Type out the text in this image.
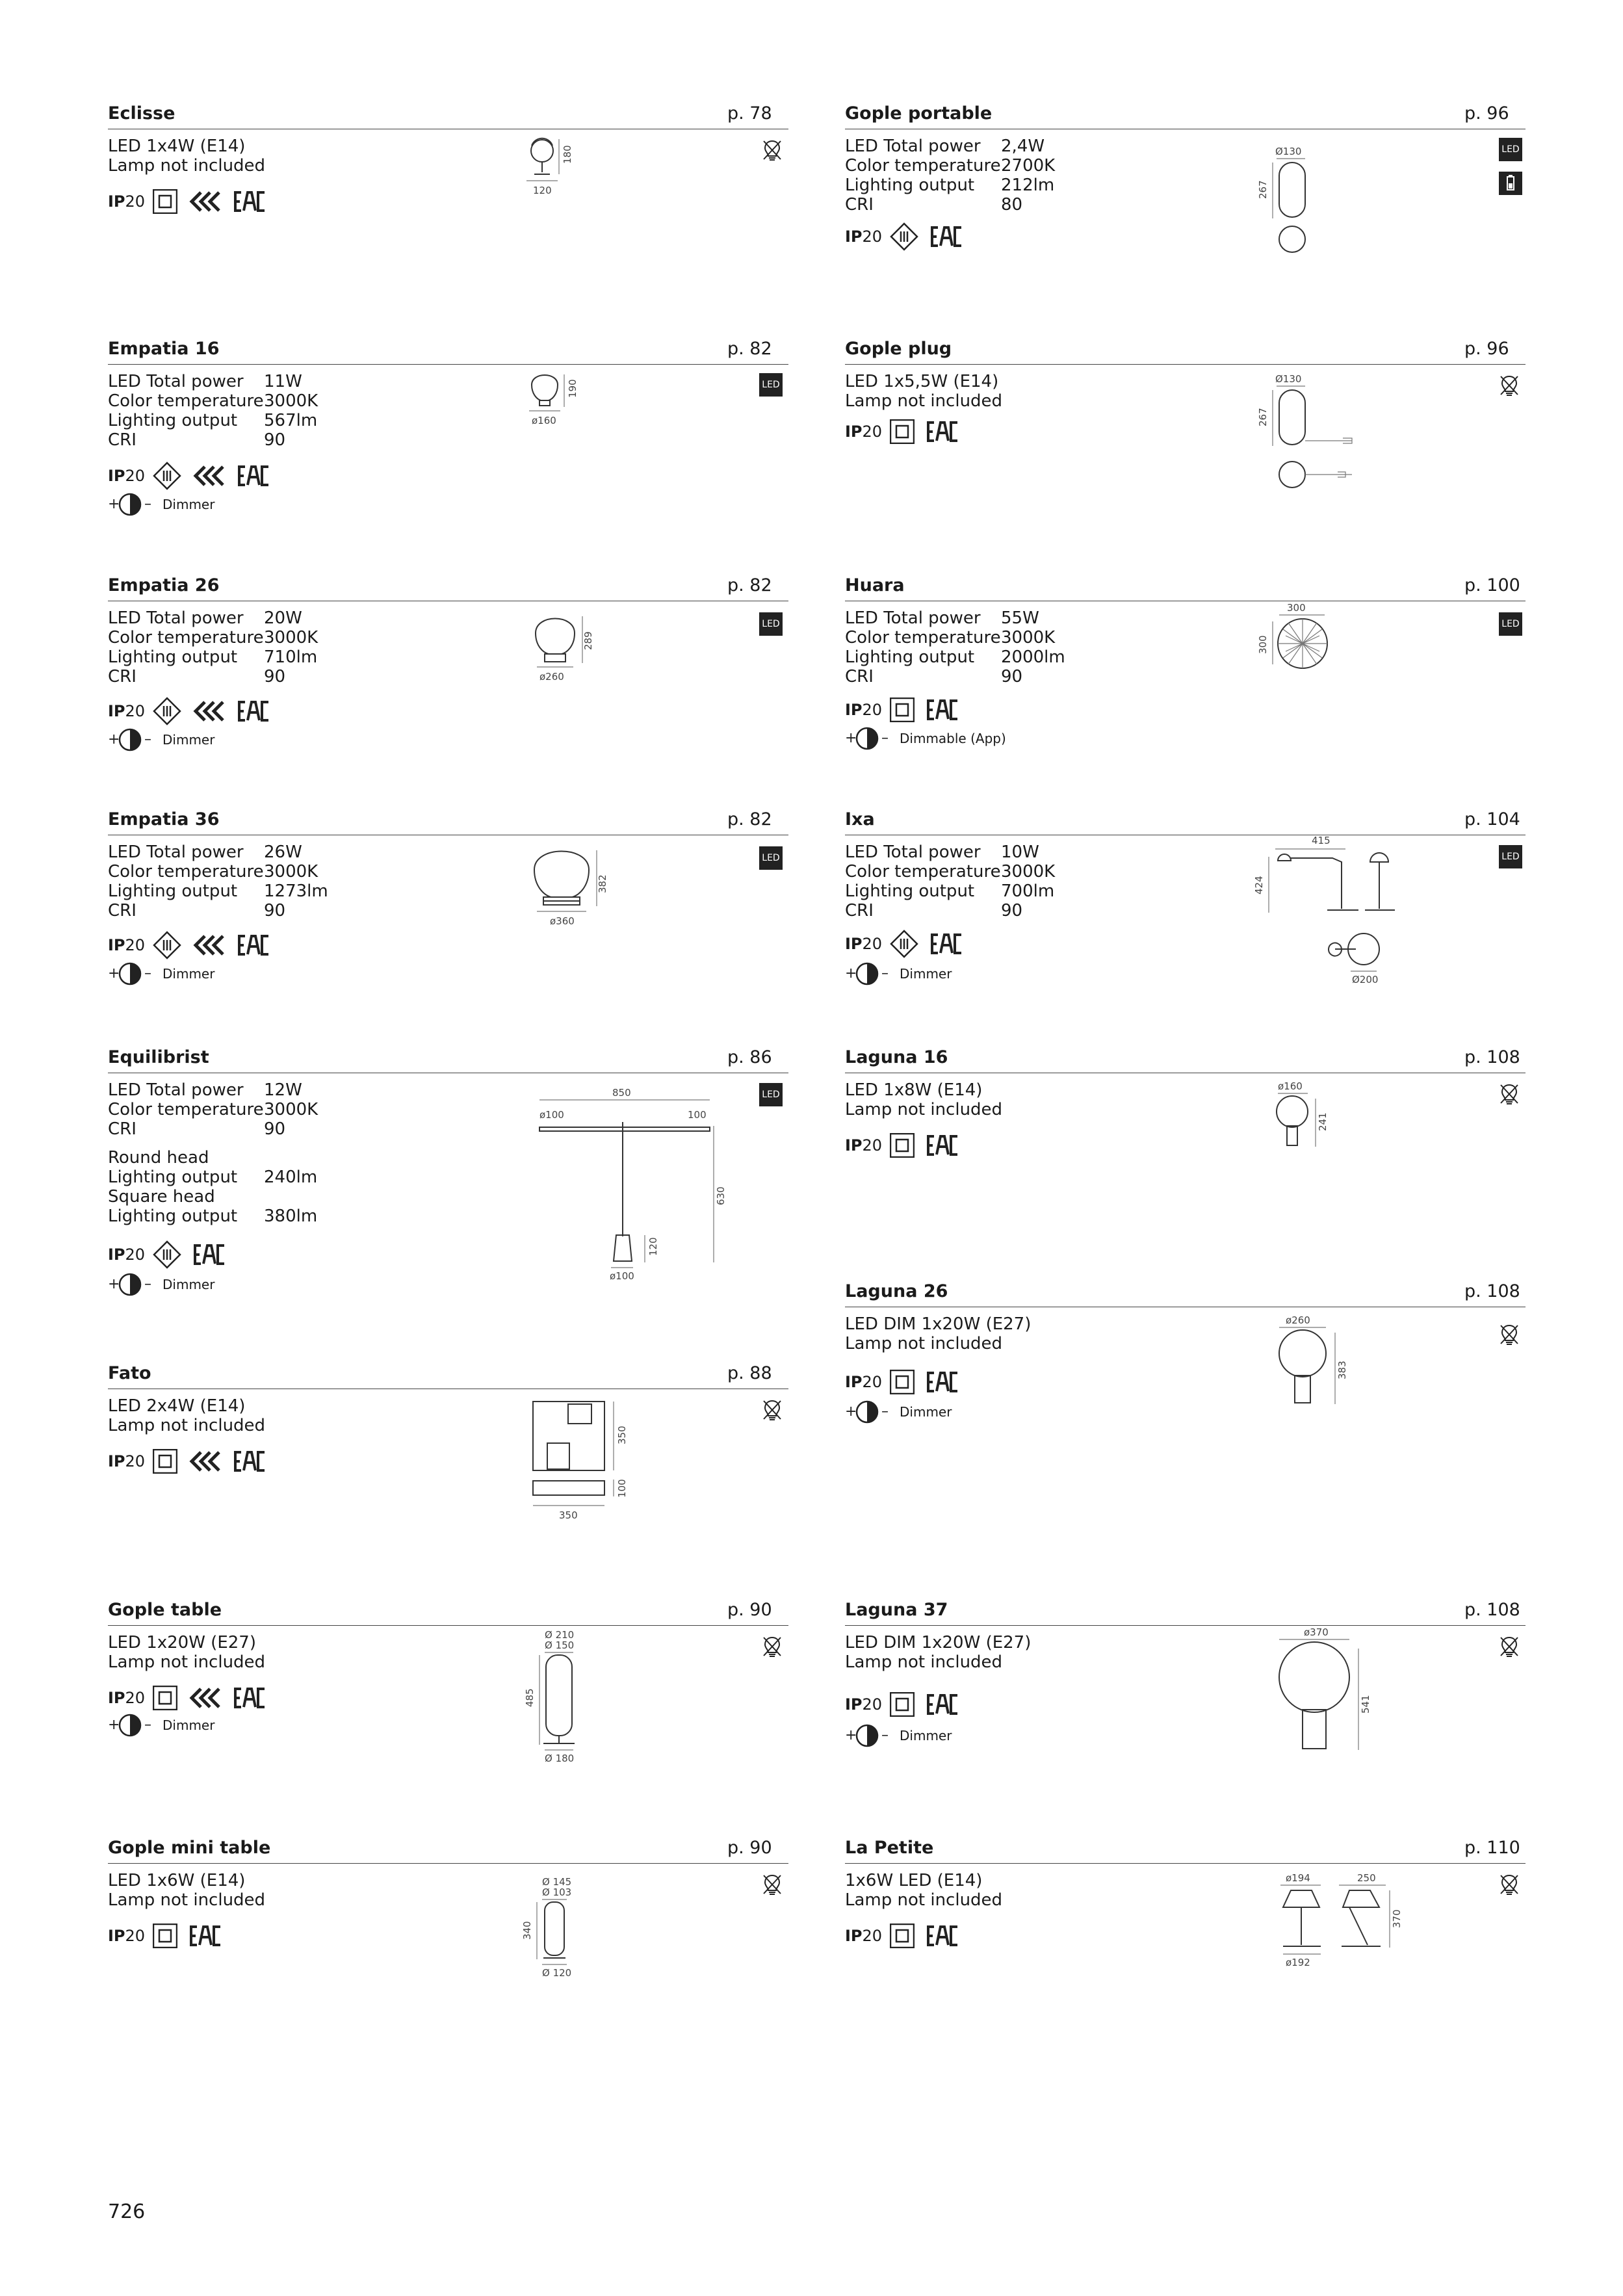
Eclisse	p. 78
LED 1x4W (E14)
Lamp not included
IP20
180
120
Empatia 16	p. 82
LED Total power 11W
Color temperature3000K
Lighting output 567lm
CRI	90
IP20
Dimmer
190
ø160
LED
Empatia 26	p. 82
LED Total power 20W
Color temperature3000K
Lighting output 710lm
CRI	90
IP20
Dimmer
289
ø260
LED
Empatia 36	p. 82
LED Total power 26W
Color temperature3000K
Lighting output 1273lm
CRI	90
IP20
Dimmer
382
ø360
LED
Equilibrist	p. 86
LED Total power 12W
Color temperature3000K
CRI	90
Round head
Lighting output 240lm
Square head
Lighting output 380lm
IP20
Dimmer
850
ø100	100
120
630
ø100
LED
Fato	p. 88
LED 2x4W (E14)
Lamp not included
IP20
350
100
350
Gople table	p. 90
LED 1x20W (E27)
Lamp not included
IP20
Dimmer
Ø 210
Ø 150
485
Ø 180
Gople mini table	p. 90
LED 1x6W (E14)
Lamp not included
IP20
Ø 145
Ø 103
340
Ø 120
Gople portable	p. 96
LED Total power 2,4W
Color temperature2700K
Lighting output 212lm
CRI	80
IP20
Ø130
267
LED
Gople plug	p. 96
LED 1x5,5W (E14)
Lamp not included
IP20
Ø130
267
Huara	p. 100
LED Total power 55W
Color temperature3000K
Lighting output 2000lm
CRI	90
IP20
Dimmable (App)
300
300
LED
Ixa	p. 104
LED Total power 10W
Color temperature3000K
Lighting output 700lm
CRI	90
IP20
Dimmer
415
424
Ø200
LED
Laguna 16	p. 108
LED 1x8W (E14)
Lamp not included
IP20
ø160
241
Laguna 26	p. 108
LED DIM 1x20W (E27)
Lamp not included
IP20
Dimmer
ø260
383
Laguna 37	p. 108
LED DIM 1x20W (E27)
Lamp not included
IP20
ø370
541
Dimmer
La Petite	p. 110
1x6W LED (E14)
Lamp not included
IP20
ø194
ø192
250
370
726
